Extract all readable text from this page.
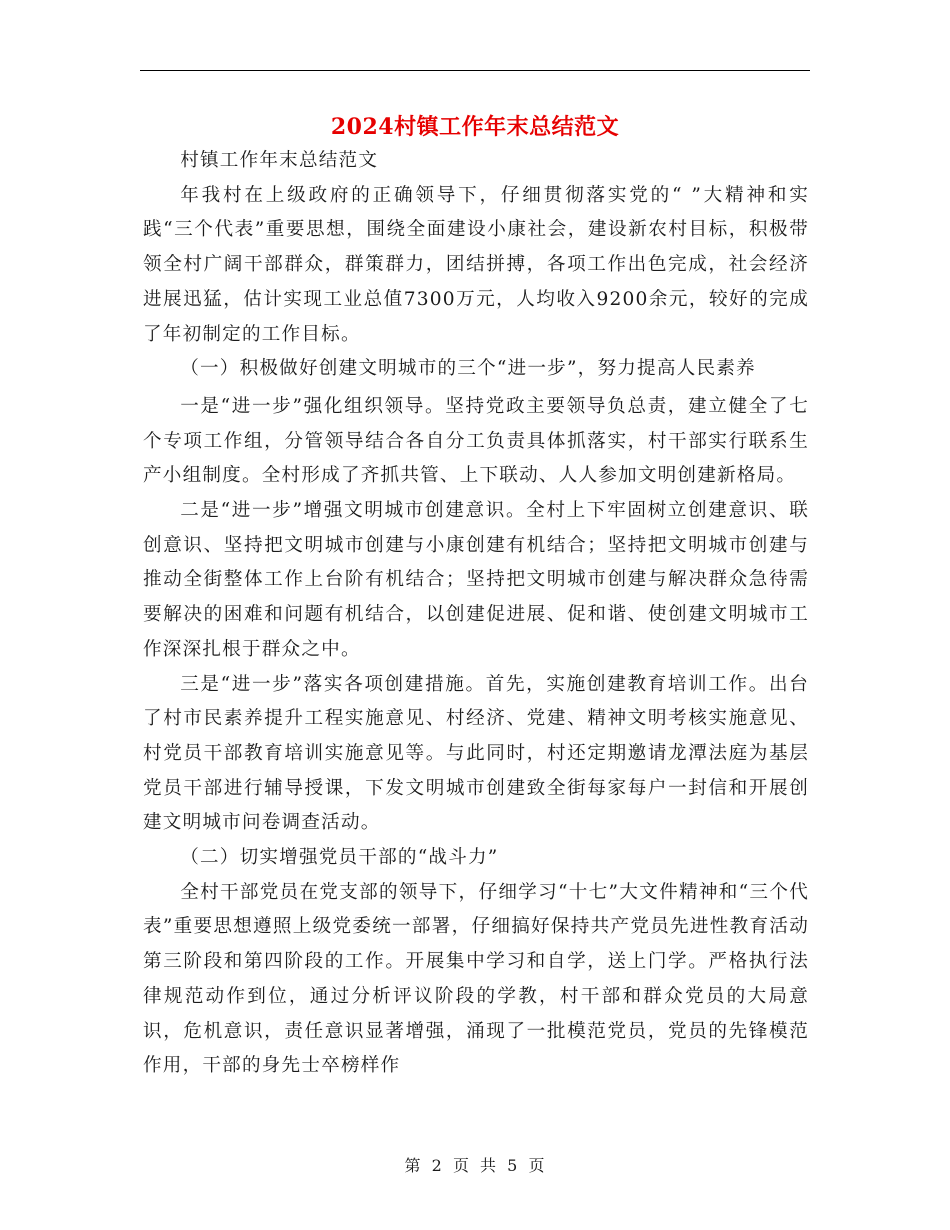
2024村镇工作年末总结范文

村镇工作年末总结范文

年我村在上级政府的正确领导下，仔细贯彻落实党的“ ”大精神和实践“三个代表”重要思想，围绕全面建设小康社会，建设新农村目标，积极带领全村广阔干部群众，群策群力，团结拼搏，各项工作出色完成，社会经济进展迅猛，估计实现工业总值7300万元，人均收入9200余元，较好的完成了年初制定的工作目标。

（一）积极做好创建文明城市的三个“进一步”，努力提高人民素养

一是“进一步”强化组织领导。坚持党政主要领导负总责，建立健全了七个专项工作组，分管领导结合各自分工负责具体抓落实，村干部实行联系生产小组制度。全村形成了齐抓共管、上下联动、人人参加文明创建新格局。

二是“进一步”增强文明城市创建意识。全村上下牢固树立创建意识、联创意识、坚持把文明城市创建与小康创建有机结合；坚持把文明城市创建与推动全街整体工作上台阶有机结合；坚持把文明城市创建与解决群众急待需要解决的困难和问题有机结合，以创建促进展、促和谐、使创建文明城市工作深深扎根于群众之中。

三是“进一步”落实各项创建措施。首先，实施创建教育培训工作。出台了村市民素养提升工程实施意见、村经济、党建、精神文明考核实施意见、村党员干部教育培训实施意见等。与此同时，村还定期邀请龙潭法庭为基层党员干部进行辅导授课，下发文明城市创建致全街每家每户一封信和开展创建文明城市问卷调查活动。

（二）切实增强党员干部的“战斗力”

全村干部党员在党支部的领导下，仔细学习“十七”大文件精神和“三个代表”重要思想遵照上级党委统一部署，仔细搞好保持共产党员先进性教育活动第三阶段和第四阶段的工作。开展集中学习和自学，送上门学。严格执行法律规范动作到位，通过分析评议阶段的学教，村干部和群众党员的大局意识，危机意识，责任意识显著增强，涌现了一批模范党员，党员的先锋模范作用，干部的身先士卒榜样作

第 2 页 共 5 页
